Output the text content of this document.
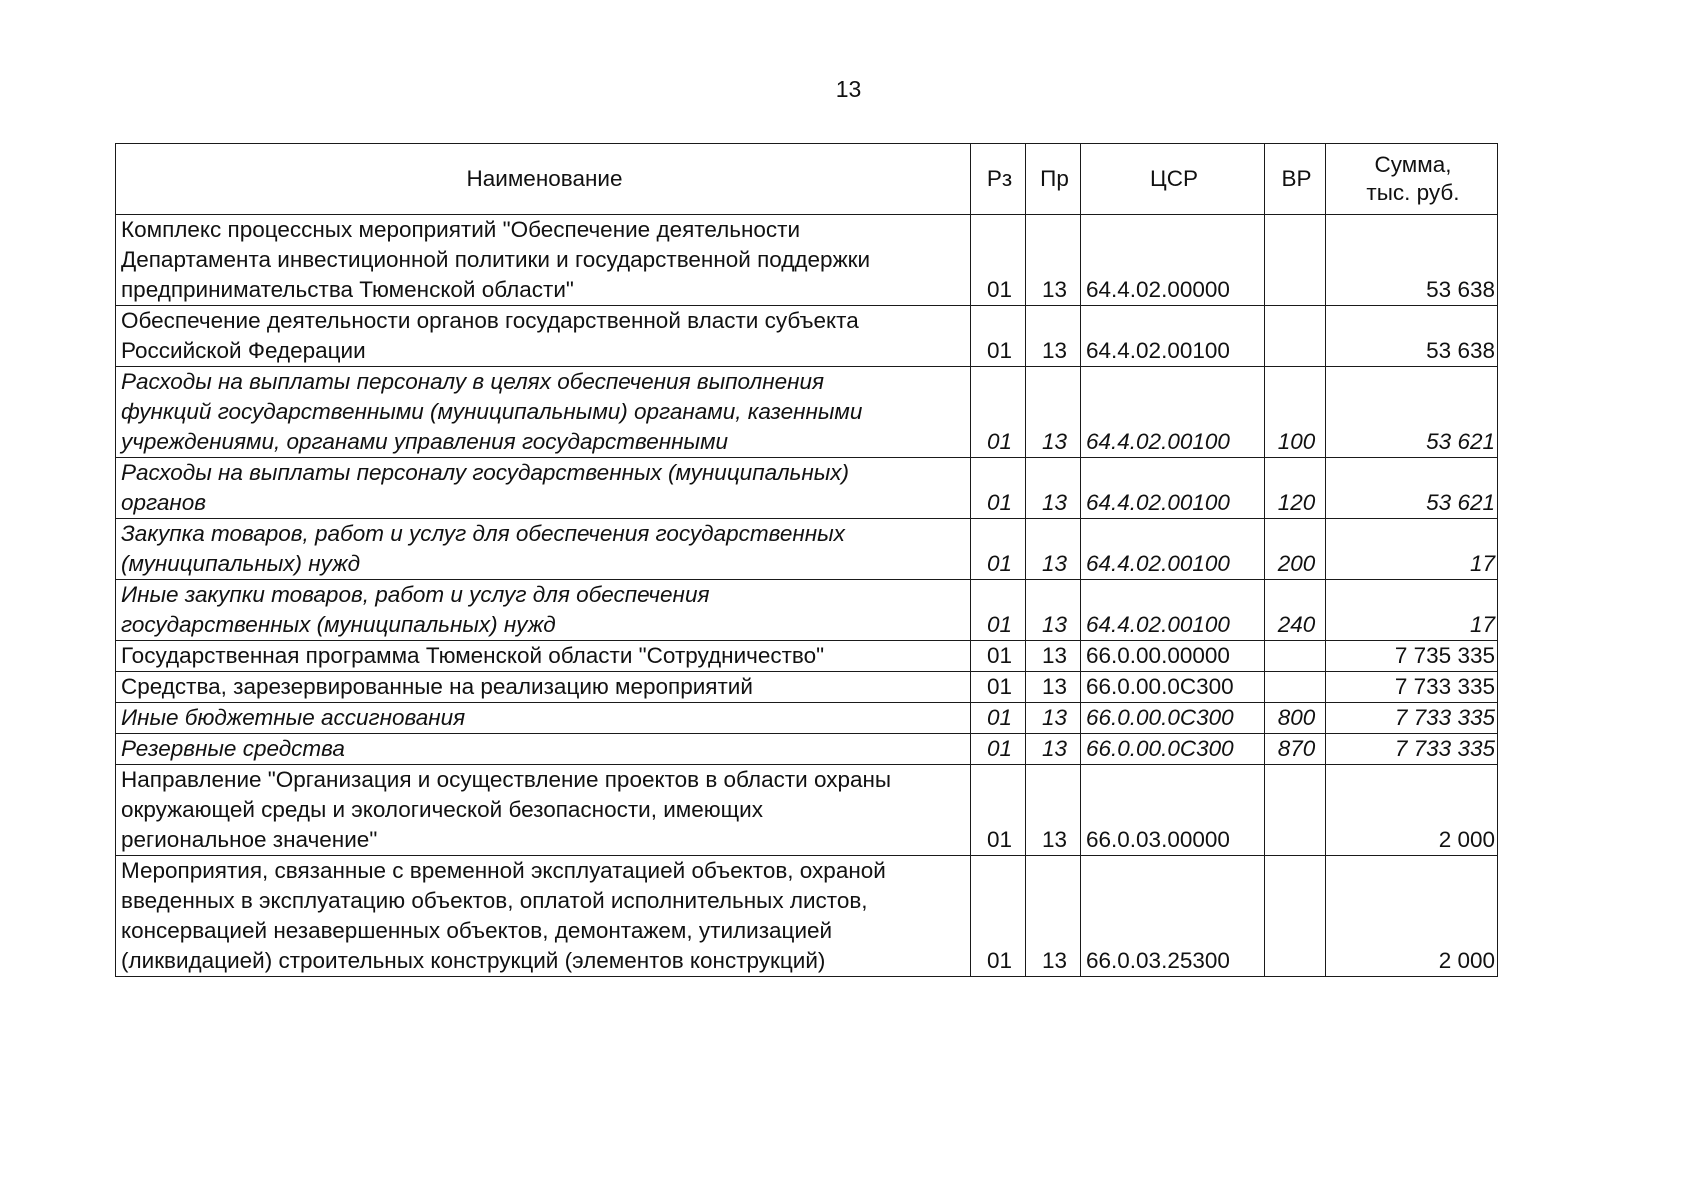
13
Наименование	Рз	Пр	ЦСР	ВР	Сумма,
тыс. руб.

Комплекс процессных мероприятий "Обеспечение деятельности
Департамента инвестиционной политики и государственной поддержки
предпринимательства Тюменской области"	01	13	64.4.02.00000		53 638

Обеспечение деятельности органов государственной власти субъекта
Российской Федерации	01	13	64.4.02.00100		53 638

Расходы на выплаты персоналу в целях обеспечения выполнения
функций государственными (муниципальными) органами, казенными
учреждениями, органами управления государственными	01	13	64.4.02.00100	100	53 621

Расходы на выплаты персоналу государственных (муниципальных)
органов	01	13	64.4.02.00100	120	53 621

Закупка товаров, работ и услуг для обеспечения государственных
(муниципальных) нужд	01	13	64.4.02.00100	200	17

Иные закупки товаров, работ и услуг для обеспечения
государственных (муниципальных) нужд	01	13	64.4.02.00100	240	17

Государственная программа Тюменской области "Сотрудничество"	01	13	66.0.00.00000		7 735 335

Средства, зарезервированные на реализацию мероприятий	01	13	66.0.00.0С300		7 733 335

Иные бюджетные ассигнования	01	13	66.0.00.0С300	800	7 733 335

Резервные средства	01	13	66.0.00.0С300	870	7 733 335

Направление "Организация и осуществление проектов в области охраны
окружающей среды и экологической безопасности, имеющих
региональное значение"	01	13	66.0.03.00000		2 000

Мероприятия, связанные с временной эксплуатацией объектов, охраной
введенных в эксплуатацию объектов, оплатой исполнительных листов,
консервацией незавершенных объектов, демонтажем, утилизацией
(ликвидацией) строительных конструкций (элементов конструкций)	01	13	66.0.03.25300		2 000
